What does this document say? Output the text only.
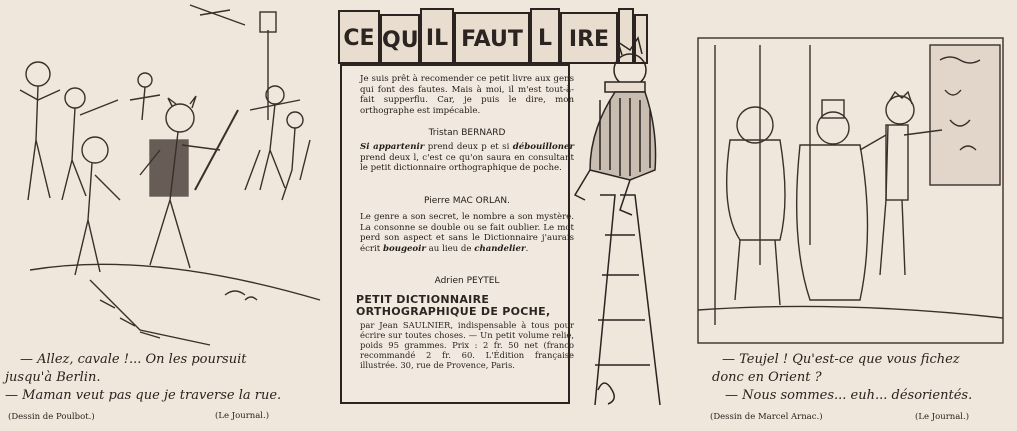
— Allez, cavale !... On les poursuit
jusqu'à Berlin.
— Maman veut pas que je traverse la rue.
(Dessin de Poulbot.)	(Le Journal.)
CE QU IL FAUT L IRE
Je suis prêt à recomender ce petit livre aux gens qui font des fautes. Mais à moi, il m'est tout-à-fait supperflu. Car, je puis le dire, mon orthographe est impécable.
Tristan BERNARD
Si appartenir prend deux p et si débouilloner prend deux l, c'est ce qu'on saura en consultant le petit dictionnaire orthographique de poche.
Pierre MAC ORLAN.
Le genre a son secret, le nombre a son mystère. La consonne se double ou se fait oublier. Le mot perd son aspect et sans le Dictionnaire j'aurais écrit bougeoir au lieu de chandelier.
Adrien PEYTEL
PETIT DICTIONNAIRE ORTHOGRAPHIQUE DE POCHE,
par Jean SAULNIER, indispensable à tous pour écrire sur toutes choses. — Un petit volume relié, poids 95 grammes. Prix : 2 fr. 50 net (franco recommandé 2 fr. 60. L'Édition française illustrée. 30, rue de Provence, Paris.	— Teujel ! Qu'est-ce que vous fichez
donc en Orient ?
— Nous sommes... euh... désorientés.
(Dessin de Marcel Arnac.)	(Le Journal.)
